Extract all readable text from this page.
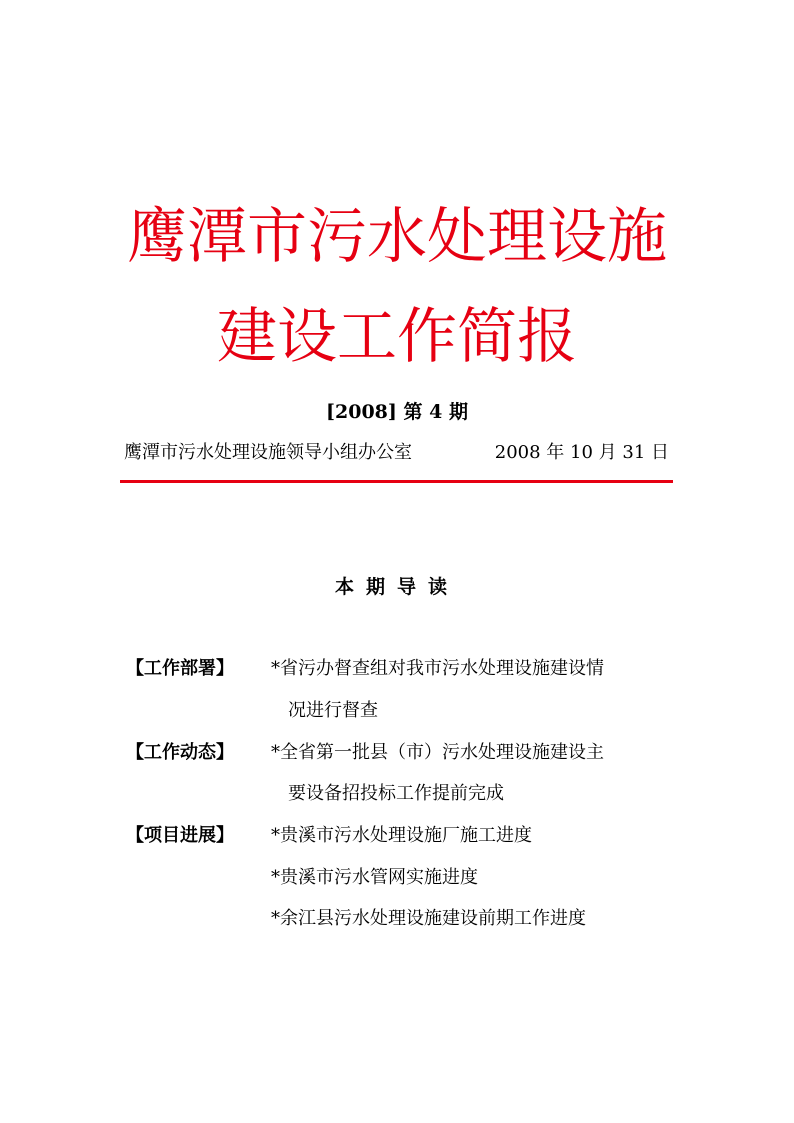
鹰潭市污水处理设施
建设工作简报
[2008] 第 4 期
鹰潭市污水处理设施领导小组办公室	2008 年 10 月 31 日
本期导读
【工作部署】 *省污办督查组对我市污水处理设施建设情
况进行督查
【工作动态】 *全省第一批县（市）污水处理设施建设主
要设备招投标工作提前完成
【项目进展】 *贵溪市污水处理设施厂施工进度
*贵溪市污水管网实施进度
*余江县污水处理设施建设前期工作进度
